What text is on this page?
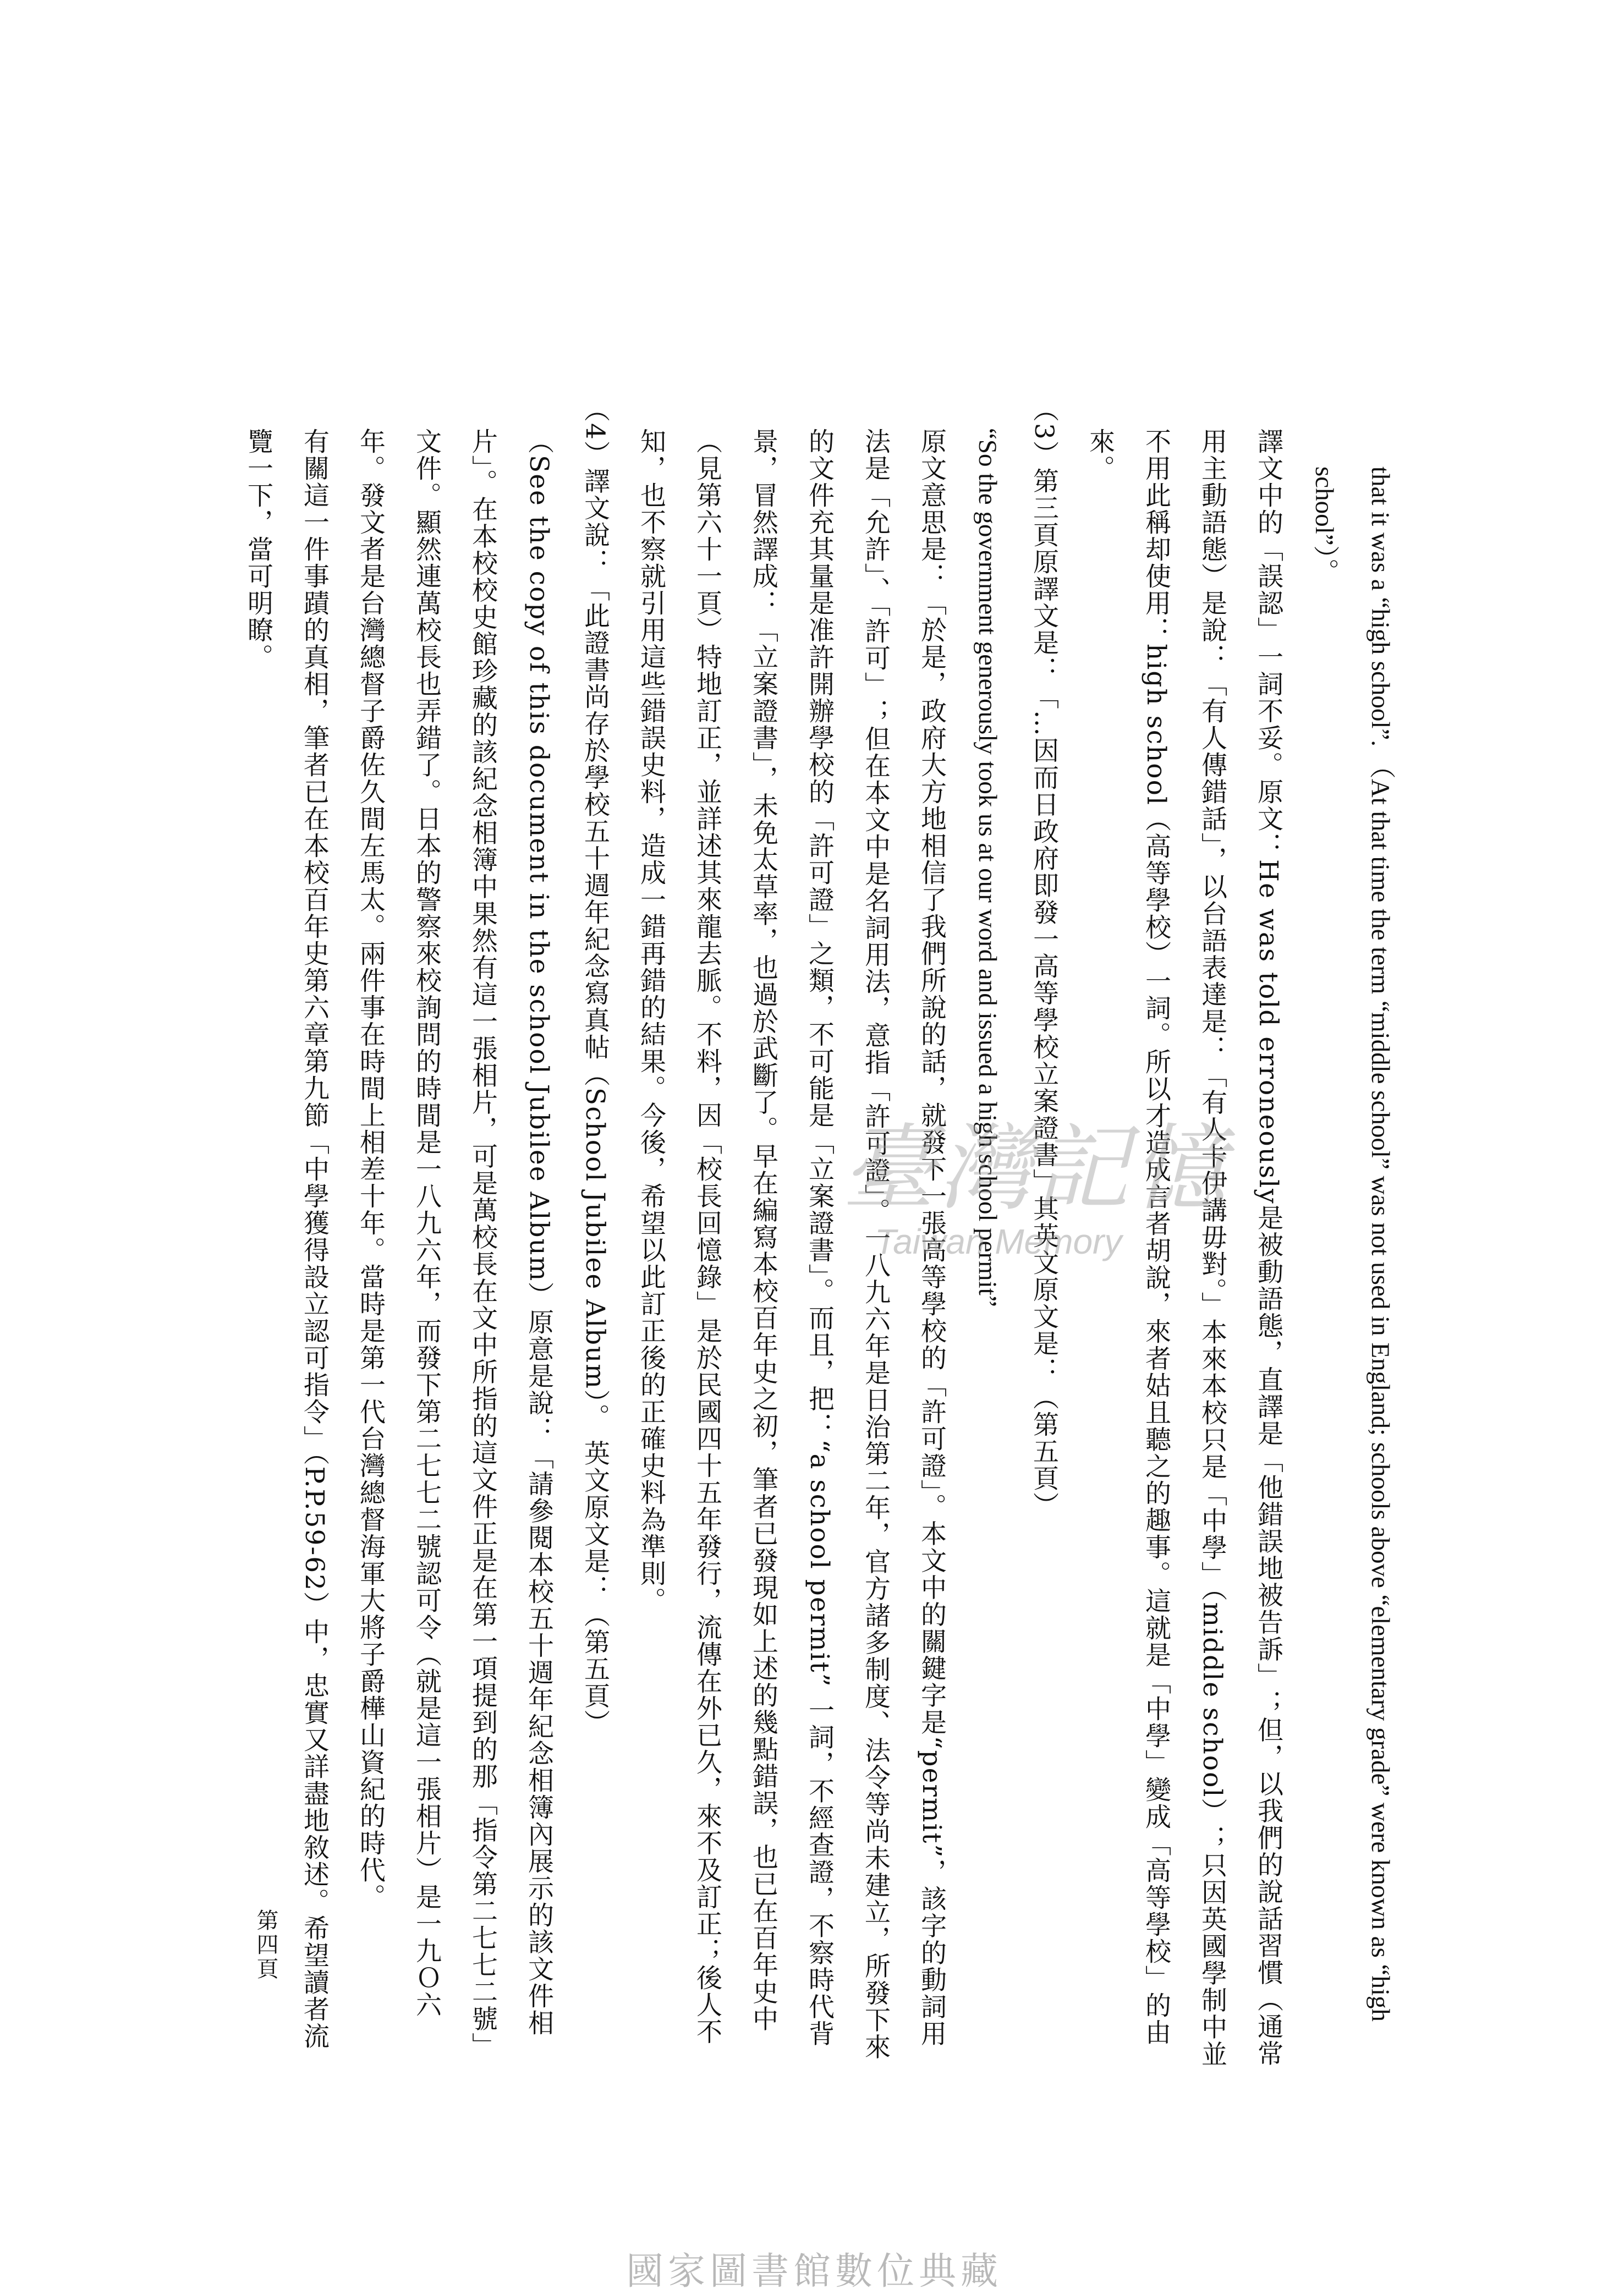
that it was a “high school”. （At that time the term “middle school” was not used in England; schools above “elementary grade” were known as “high school”）。

譯文中的「誤認」一詞不妥。原文：He was told erroneously是被動語態，直譯是「他錯誤地被告訴」；但，以我們的說話習慣（通常用主動語態）是說：「有人傳錯話」，以台語表達是：「有人卡伊講毋對。」本來本校只是「中學」（middle school）；只因英國學制中並不用此稱却使用：high school（高等學校）一詞。所以才造成言者胡說，來者姑且聽之的趣事。這就是「中學」變成「高等學校」的由來。

（3）第三頁原譯文是：「…因而日政府即發一高等學校立案證書」其英文原文是：（第五頁）

“So the government generously took us at our word and issued a high school permit”

原文意思是：「於是，政府大方地相信了我們所說的話，就發下一張高等學校的「許可證」。本文中的關鍵字是“permit”，該字的動詞用法是「允許」、「許可」；但在本文中是名詞用法，意指「許可證」。一八九六年是日治第二年，官方諸多制度、法令等尚未建立，所發下來的文件充其量是准許開辦學校的「許可證」之類，不可能是「立案證書」。而且，把：“a school permit” 一詞，不經查證，不察時代背景，冒然譯成：「立案證書」，未免太草率，也過於武斷了。早在編寫本校百年史之初，筆者已發現如上述的幾點錯誤，也已在百年史中（見第六十一頁）特地訂正，並詳述其來龍去脈。不料，因「校長回憶錄」是於民國四十五年發行，流傳在外已久，來不及訂正；後人不知，也不察就引用這些錯誤史料，造成一錯再錯的結果。今後，希望以此訂正後的正確史料為準則。

（4）譯文說：「此證書尚存於學校五十週年紀念寫真帖（School Jubilee Album）。 英文原文是：（第五頁）

（See the copy of this document in the school Jubilee Album）原意是說：「請參閱本校五十週年紀念相簿內展示的該文件相片」。在本校校史館珍藏的該紀念相簿中果然有這一張相片，可是萬校長在文中所指的這文件正是在第一項提到的那「指令第二七七二號」文件。顯然連萬校長也弄錯了。日本的警察來校詢問的時間是一八九六年，而發下第二七七二號認可令（就是這一張相片）是一九Ｏ六年。發文者是台灣總督子爵佐久間左馬太。兩件事在時間上相差十年。當時是第一代台灣總督海軍大將子爵樺山資紀的時代。

有關這一件事蹟的真相，筆者已在本校百年史第六章第九節「中學獲得設立認可指令」（P.P.59-62）中，忠實又詳盡地敘述。希望讀者流覽一下，當可明瞭。

第四頁
臺灣記憶
Taiwan Memory
國家圖書館數位典藏
